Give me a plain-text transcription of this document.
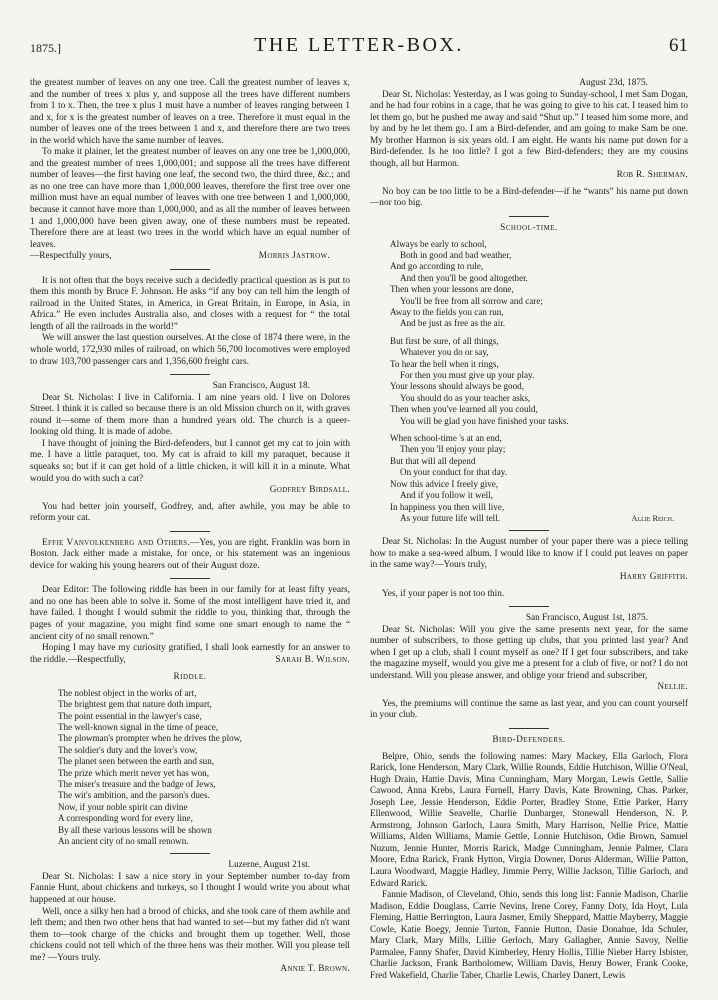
1875.]	THE LETTER-BOX.	61

the greatest number of leaves on any one tree. Call the greatest number of leaves x, and the number of trees x plus y, and suppose all the trees have different numbers from 1 to x. Then, the tree x plus 1 must have a number of leaves ranging between 1 and x, for x is the greatest number of leaves on a tree. Therefore it must equal in the number of leaves one of the trees between 1 and x, and therefore there are two trees in the world which have the same number of leaves.

To make it plainer, let the greatest number of leaves on any one tree be 1,000,000, and the greatest number of trees 1,000,001; and suppose all the trees have different number of leaves—the first having one leaf, the second two, the third three, &c.; and as no one tree can have more than 1,000,000 leaves, therefore the first tree over one million must have an equal number of leaves with one tree between 1 and 1,000,000, because it cannot have more than 1,000,000, and as all the number of leaves between 1 and 1,000,000 have been given away, one of these numbers must be repeated. Therefore there are at least two trees in the world which have an equal number of leaves.

—Respectfully yours,	Morris Jastrow.

It is not often that the boys receive such a decidedly practical question as is put to them this month by Bruce F. Johnson. He asks “if any boy can tell him the length of railroad in the United States, in America, in Great Britain, in Europe, in Asia, in Africa.” He even includes Australia also, and closes with a request for “ the total length of all the railroads in the world!”

We will answer the last question ourselves. At the close of 1874 there were, in the whole world, 172,930 miles of railroad, on which 56,700 locomotives were employed to draw 103,700 passenger cars and 1,356,600 freight cars.

San Francisco, August 18.

Dear St. Nicholas: I live in California. I am nine years old. I live on Dolores Street. I think it is called so because there is an old Mission church on it, with graves round it—some of them more than a hundred years old. The church is a queer-looking old thing. It is made of adobe.

I have thought of joining the Bird-defenders, but I cannot get my cat to join with me. I have a little paraquet, too. My cat is afraid to kill my paraquet, because it squeaks so; but if it can get hold of a little chicken, it will kill it in a minute. What would you do with such a cat?

Godfrey Birdsall.

You had better join yourself, Godfrey, and, after awhile, you may be able to reform your cat.

Effie Vanvolkenberg and Others.—Yes, you are right. Franklin was born in Boston. Jack either made a mistake, for once, or his statement was an ingenious device for waking his young hearers out of their August doze.

Dear Editor: The following riddle has been in our family for at least fifty years, and no one has been able to solve it. Some of the most intelligent have tried it, and have failed. I thought I would submit the riddle to you, thinking that, through the pages of your magazine, you might find some one smart enough to name the “ ancient city of no small renown.”

Hoping I may have my curiosity gratified, I shall look earnestly for an answer to the riddle.—Respectfully,	Sarah B. Wilson.

Riddle.
The noblest object in the works of art,
The brightest gem that nature doth impart,
The point essential in the lawyer's case,
The well-known signal in the time of peace,
The plowman's prompter when he drives the plow,
The soldier's duty and the lover's vow,
The planet seen between the earth and sun,
The prize which merit never yet has won,
The miser's treasure and the badge of Jews,
The wit's ambition, and the parson's dues.
Now, if your noble spirit can divine
A corresponding word for every line,
By all these various lessons will be shown
An ancient city of no small renown.

Luzerne, August 21st.

Dear St. Nicholas: I saw a nice story in your September number to-day from Fannie Hunt, about chickens and turkeys, so I thought I would write you about what happened at our house.

Well, once a silky hen had a brood of chicks, and she took care of them awhile and left them; and then two other hens that had wanted to set—but my father did n't want them to—took charge of the chicks and brought them up together. Well, those chickens could not tell which of the three hens was their mother. Will you please tell me? —Yours truly.

Annie T. Brown.

August 23d, 1875.

Dear St. Nicholas: Yesterday, as I was going to Sunday-school, I met Sam Dogan, and he had four robins in a cage, that he was going to give to his cat. I teased him to let them go, but he pushed me away and said “Shut up.” I teased him some more, and by and by he let them go. I am a Bird-defender, and am going to make Sam be one. My brother Harmon is six years old. I am eight. He wants his name put down for a Bird-defender. Is he too little? I got a few Bird-defenders; they are my cousins though, all but Harmon.

Rob R. Sherman.

No boy can be too little to be a Bird-defender—if he “wants” his name put down—nor too big.

School-time.
Always be early to school,
Both in good and bad weather,
And go according to rule,
And then you'll be good altogether.
Then when your lessons are done,
You'll be free from all sorrow and care;
Away to the fields you can run,
And be just as free as the air.
But first be sure, of all things,
Whatever you do or say,
To hear the bell when it rings,
For then you must give up your play.
Your lessons should always be good,
You should do as your teacher asks,
Then when you've learned all you could,
You will be glad you have finished your tasks.
When school-time 's at an end,
Then you 'll enjoy your play;
But that will all depend
On your conduct for that day.
Now this advice I freely give,
And if you follow it well,
In happiness you then will live,
As your future life will tell.	Allie Reich.

Dear St. Nicholas: In the August number of your paper there was a piece telling how to make a sea-weed album. I would like to know if I could put leaves on paper in the same way?—Yours truly,

Harry Griffith.

Yes, if your paper is not too thin.

San Francisco, August 1st, 1875.

Dear St. Nicholas: Will you give the same presents next year, for the same number of subscribers, to those getting up clubs, that you printed last year? And when I get up a club, shall I count myself as one? If I get four subscribers, and take the magazine myself, would you give me a present for a club of five, or not? I do not understand. Will you please answer, and oblige your friend and subscriber,

Nellie.

Yes, the premiums will continue the same as last year, and you can count yourself in your club.

Bird-Defenders.

Belpre, Ohio, sends the following names: Mary Mackey, Ella Garloch, Flora Rarick, Ione Henderson, Mary Clark, Willie Rounds, Eddie Hutchison, Willie O'Neal, Hugh Drain, Hattie Davis, Mina Cunningham, Mary Morgan, Lewis Gettle, Sallie Cawood, Anna Krebs, Laura Furnell, Harry Davis, Kate Browning, Chas. Parker, Joseph Lee, Jessie Henderson, Eddie Porter, Bradley Stone, Ettie Parker, Harry Ellenwood, Willie Seavelle, Charlie Dunbarger, Stonewall Henderson, N. P. Armstrong, Johnson Garloch, Laura Smith, Mary Harrison, Nellie Price, Mattie Williams, Alden Williams, Mamie Gettle, Lonnie Hutchison, Odie Brown, Samuel Nuzum, Jennie Hunter, Morris Rarick, Madge Cunningham, Jennie Palmer, Clara Moore, Edna Rarick, Frank Hytton, Virgia Downer, Dorus Alderman, Willie Patton, Laura Woodward, Maggie Hadley, Jimmie Perry, Willie Jackson, Tillie Garloch, and Edward Rarick.

Fannie Madison, of Cleveland, Ohio, sends this long list: Fannie Madison, Charlie Madison, Eddie Douglass, Carrie Nevins, Irene Corey, Fanny Doty, Ida Hoyt, Lula Fleming, Hattie Berrington, Laura Jasmer, Emily Sheppard, Mattie Mayberry, Maggie Cowle, Katie Boegy, Jennie Turton, Fannie Hutton, Dasie Donahue, Ida Schuler, Mary Clark, Mary Mills, Lillie Gerloch, Mary Gallagher, Annie Savoy, Nellie Parmalee, Fanny Shafer, David Kimberley, Henry Hollis, Tillie Nieber Harry Isbister, Charlie Jackson, Frank Bartholomew, William Davis, Henry Bower, Frank Cooke, Fred Wakefield, Charlie Taber, Charlie Lewis, Charley Danert, Lewis
